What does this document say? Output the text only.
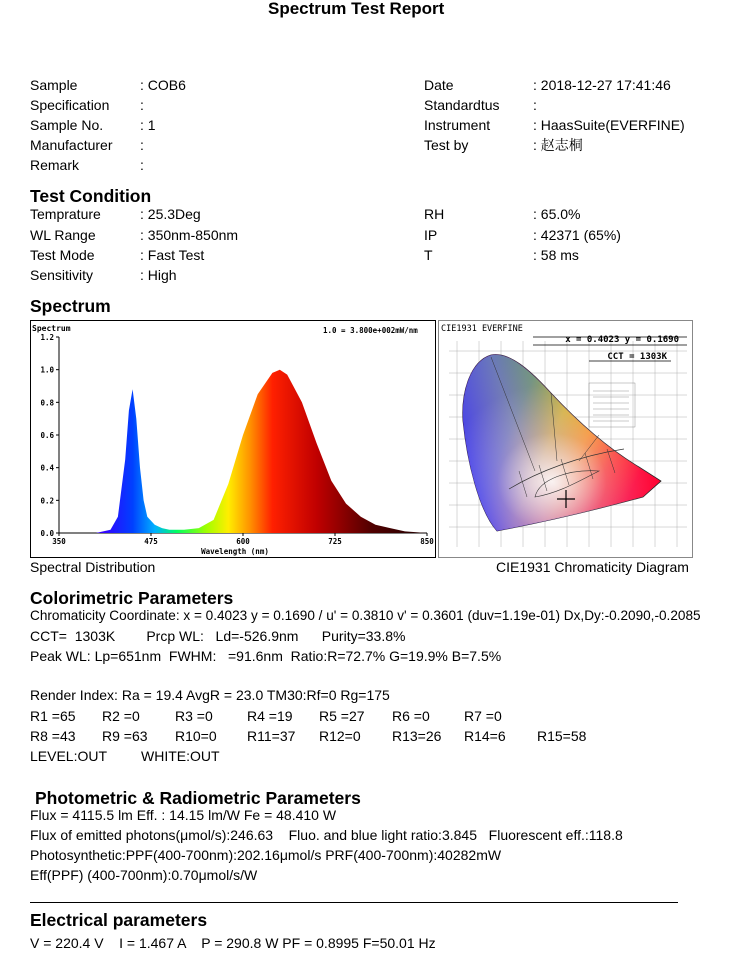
Spectrum Test Report
Sample	: COB6
Specification :
Sample No.	: 1
Manufacturer :
Remark	:
Date	: 2018-12-27 17:41:46
Standardtus :
Instrument	: HaasSuite(EVERFINE)
Test by	: 赵志桐
Test Condition
Temprature	: 25.3Deg
WL Range	: 350nm-850nm
Test Mode	: Fast Test
Sensitivity	: High
RH	: 65.0%
IP	: 42371 (65%)
T	: 58 ms
Spectrum
350	475	600	725	850
0.0
0.2
0.4
0.6
0.8
1.0
1.2
Spectrum	1.0 = 3.800e+002mW/nm
Wavelength (nm)
CIE1931 EVERFINE
x = 0.4023 y = 0.1690
CCT = 1303K
Spectral Distribution	CIE1931 Chromaticity Diagram
Colorimetric Parameters
Chromaticity Coordinate: x = 0.4023 y = 0.1690 / u' = 0.3810 v' = 0.3601 (duv=1.19e-01) Dx,Dy:-0.2090,-0.2085
CCT=  1303K        Prcp WL:   Ld=-526.9nm      Purity=33.8%
Peak WL: Lp=651nm  FWHM:   =91.6nm  Ratio:R=72.7% G=19.9% B=7.5%
Render Index: Ra = 19.4 AvgR = 23.0 TM30:Rf=0 Rg=175
R1 =65 R2 =0	R3 =0 R4 =19 R5 =27 R6 =0 R7 =0
R8 =43 R9 =63 R10=0 R11=37 R12=0 R13=26 R14=6 R15=58
LEVEL:OUT WHITE:OUT
Photometric & Radiometric Parameters
Flux = 4115.5 lm Eff. : 14.15 lm/W Fe = 48.410 W
Flux of emitted photons(μmol/s):246.63    Fluo. and blue light ratio:3.845   Fluorescent eff.:118.8
Photosynthetic:PPF(400-700nm):202.16μmol/s PRF(400-700nm):40282mW
Eff(PPF) (400-700nm):0.70μmol/s/W
Electrical parameters
V = 220.4 V    I = 1.467 A    P = 290.8 W PF = 0.8995 F=50.01 Hz
